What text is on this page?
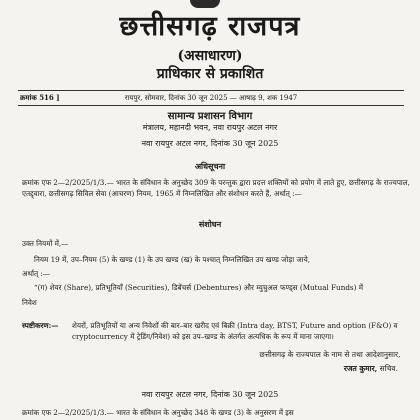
छत्तीसगढ़ राजपत्र
(असाधारण)
प्राधिकार से प्रकाशित
क्रमांक 516 ]	रायपुर, सोमवार, दिनांक 30 जून 2025 — आषाढ़ 9, शक 1947
सामान्य प्रशासन विभाग
मंत्रालय, महानदी भवन, नवा रायपुर अटल नगर
नवा रायपुर अटल नगर, दिनांक 30 जून 2025
अधिसूचना
क्रमांक एफ 2—2/2025/1/3.— भारत के संविधान के अनुच्छेद 309 के परन्तुक द्वारा प्रदत्त शक्तियों को प्रयोग में लाते हुए, छत्तीसगढ़ के राज्यपाल, एतद्द्वारा, छत्तीसगढ़ सिविल सेवा (आचरण) नियम, 1965 में निम्नलिखित और संशोधन करते हैं, अर्थात् :—
संशोधन
उक्त नियमों में,—
नियम 19 में, उप–नियम (5) के खण्ड (1) के उप खण्ड (ख) के पश्चात् निम्नलिखित उप खण्ड जोड़ा जाये,
अर्थात् :—
“(ग) शेयर (Share), प्रतिभूतियाँ (Securities), डिबेंचर्स (Debentures) और म्युचुअल फण्ड्स (Mutual Funds) में
निवेश
स्पष्टीकरण:— शेयरों, प्रतिभूतियों या अन्य निवेशों की बार–बार खरीद एवं बिक्री (Intra day, BTST, Future and option (F&O) व cryptocurrency में ट्रेडिंग/निवेश) को इस उप–खण्ड के अंतर्गत अत्यधिक के रूप में माना जाएगा।
छत्तीसगढ़ के राज्यपाल के नाम से तथा आदेशानुसार,
रजत कुमार, सचिव.
नवा रायपुर अटल नगर, दिनांक 30 जून 2025
क्रमांक एफ 2—2/2025/1/3.— भारत के संविधान के अनुच्छेद 348 के खण्ड (3) के अनुसरण में इस
